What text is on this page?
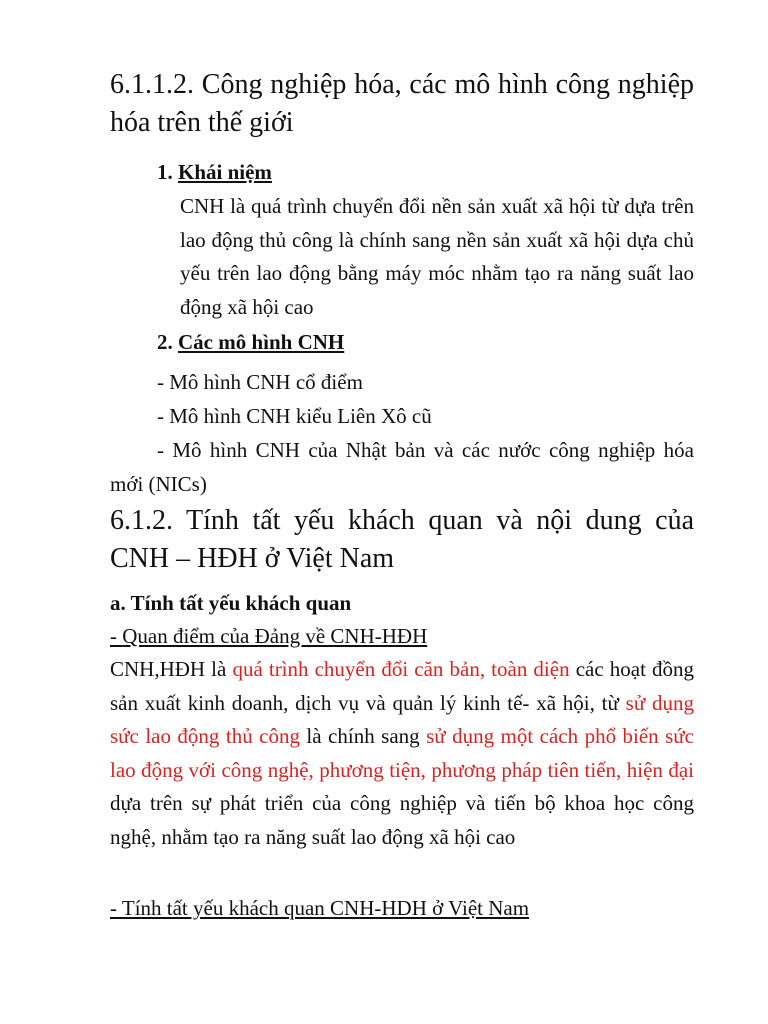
6.1.1.2. Công nghiệp hóa, các mô hình công nghiệp hóa trên thế giới
1. Khái niệm

CNH là quá trình chuyển đổi nền sản xuất xã hội từ dựa trên lao động thủ công là chính sang nền sản xuất xã hội dựa chủ yếu trên lao động bằng máy móc nhằm tạo ra năng suất lao động xã hội cao

2. Các mô hình CNH

- Mô hình CNH cổ điểm

- Mô hình CNH kiểu Liên Xô cũ

- Mô hình CNH của Nhật bản và các nước công nghiệp hóa mới (NICs)

6.1.2. Tính tất yếu khách quan và nội dung của CNH – HĐH ở Việt Nam
a. Tính tất yếu khách quan
- Quan điểm của Đảng về CNH-HĐH

CNH,HĐH là quá trình chuyển đổi căn bản, toàn diện các hoạt đồng sản xuất kinh doanh, dịch vụ và quản lý kinh tế- xã hội, từ sử dụng sức lao động thủ công là chính sang sử dụng một cách phổ biến sức lao động với công nghệ, phương tiện, phương pháp tiên tiến, hiện đại dựa trên sự phát triển của công nghiệp và tiến bộ khoa học công nghệ, nhằm tạo ra năng suất lao động xã hội cao

- Tính tất yếu khách quan CNH-HDH ở Việt Nam
